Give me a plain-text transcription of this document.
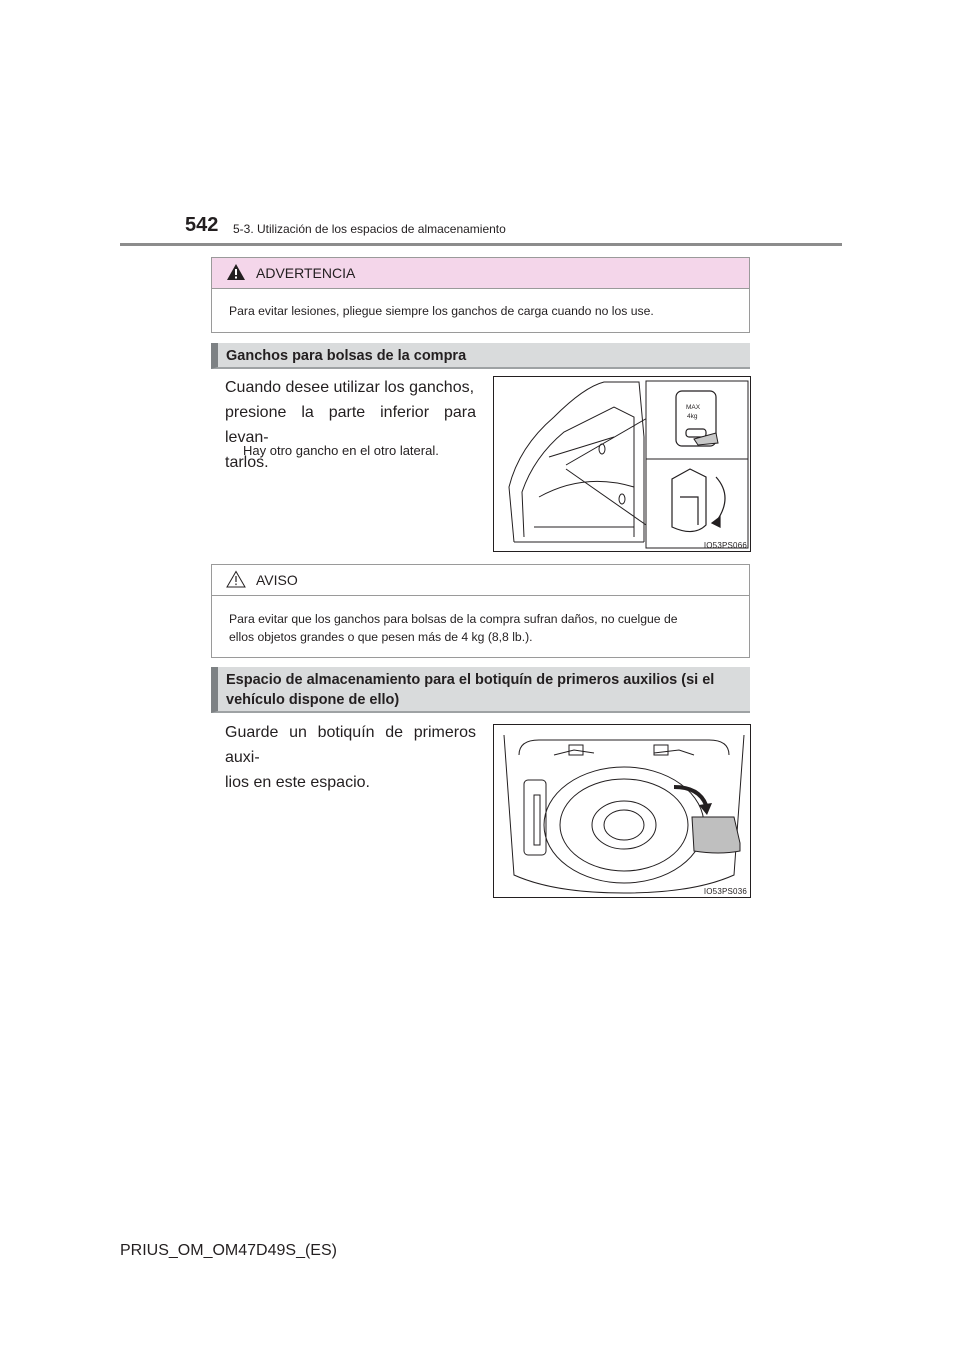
542 5-3. Utilización de los espacios de almacenamiento
ADVERTENCIA
Para evitar lesiones, pliegue siempre los ganchos de carga cuando no los use.
Ganchos para bolsas de la compra
Cuando desee utilizar los ganchos,
presione la parte inferior para levan-
tarlos.
Hay otro gancho en el otro lateral.
MAX
4kg
IO53PS066
AVISO
Para evitar que los ganchos para bolsas de la compra sufran daños, no cuelgue de
ellos objetos grandes o que pesen más de 4 kg (8,8 lb.).
Espacio de almacenamiento para el botiquín de primeros auxilios (si el
vehículo dispone de ello)
Guarde un botiquín de primeros auxi-
lios en este espacio.
IO53PS036
PRIUS_OM_OM47D49S_(ES)
